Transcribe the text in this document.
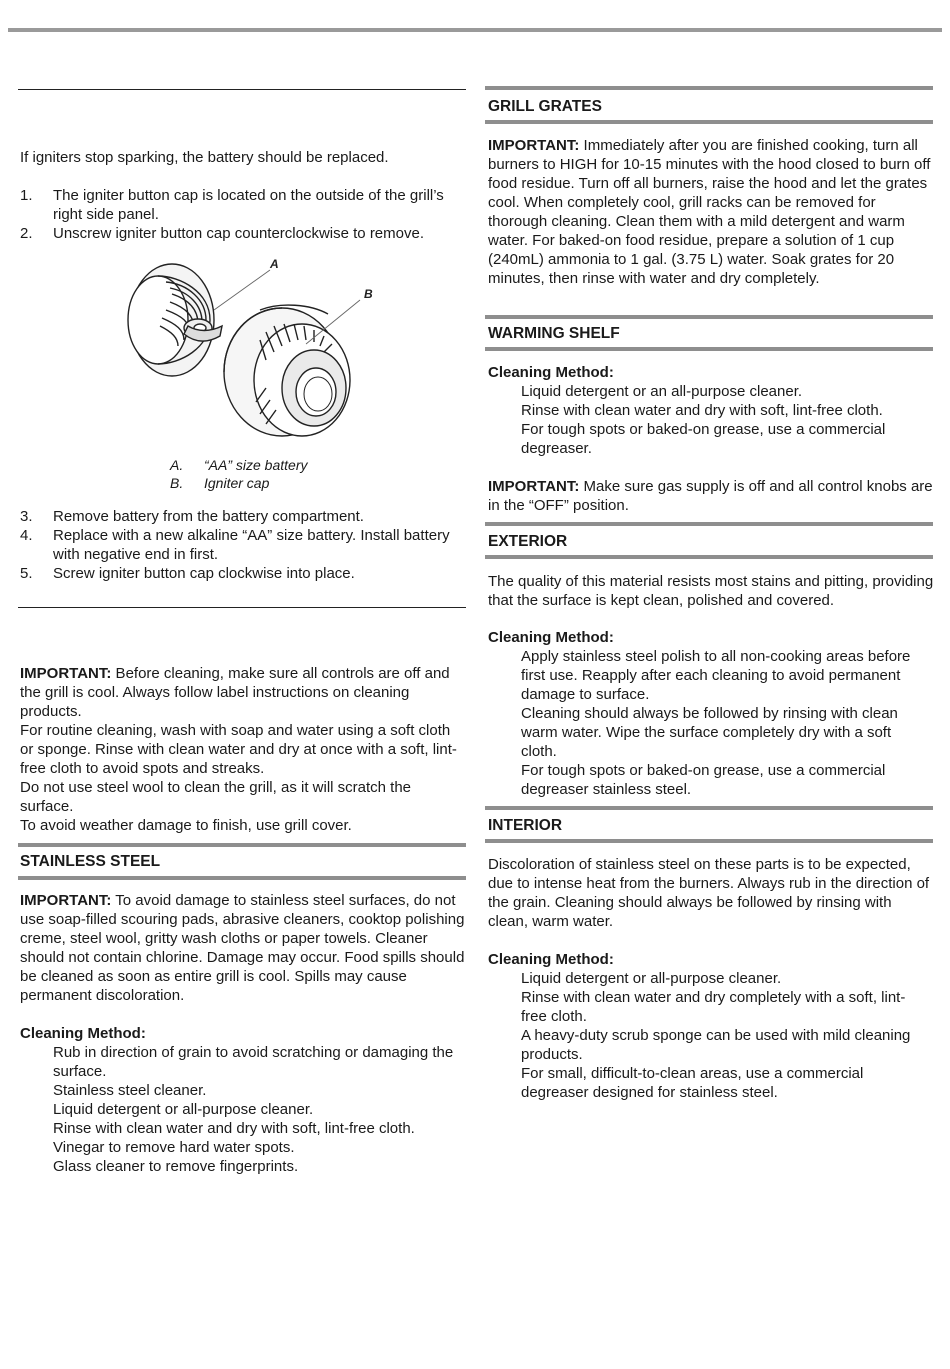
If igniters stop sparking, the battery should be replaced.

1.	The igniter button cap is located on the outside of the grill’s right side panel.
2.	Unscrew igniter button cap counterclockwise to remove.
A
B
A. “AA” size battery
B. Igniter cap
3.	Remove battery from the battery compartment.
4.	Replace with a new alkaline “AA” size battery. Install battery with negative end in first.
5.	Screw igniter button cap clockwise into place.

IMPORTANT: Before cleaning, make sure all controls are off and the grill is cool. Always follow label instructions on cleaning products.

For routine cleaning, wash with soap and water using a soft cloth or sponge. Rinse with clean water and dry at once with a soft, lint-free cloth to avoid spots and streaks.

Do not use steel wool to clean the grill, as it will scratch the surface.

To avoid weather damage to finish, use grill cover.

STAINLESS STEEL

IMPORTANT: To avoid damage to stainless steel surfaces, do not use soap-filled scouring pads, abrasive cleaners, cooktop polishing creme, steel wool, gritty wash cloths or paper towels. Cleaner should not contain chlorine. Damage may occur. Food spills should be cleaned as soon as entire grill is cool. Spills may cause permanent discoloration.

Cleaning Method:
Rub in direction of grain to avoid scratching or damaging the surface.
Stainless steel cleaner.
Liquid detergent or all-purpose cleaner.
Rinse with clean water and dry with soft, lint-free cloth.
Vinegar to remove hard water spots.
Glass cleaner to remove fingerprints.
GRILL GRATES

IMPORTANT: Immediately after you are finished cooking, turn all burners to HIGH for 10-15 minutes with the hood closed to burn off food residue. Turn off all burners, raise the hood and let the grates cool. When completely cool, grill racks can be removed for thorough cleaning. Clean them with a mild detergent and warm water. For baked-on food residue, prepare a solution of 1 cup (240mL) ammonia to 1 gal. (3.75 L) water. Soak grates for 20 minutes, then rinse with water and dry completely.

WARMING SHELF
Cleaning Method:
Liquid detergent or an all-purpose cleaner.
Rinse with clean water and dry with soft, lint-free cloth.
For tough spots or baked-on grease, use a commercial degreaser.

IMPORTANT: Make sure gas supply is off and all control knobs are in the “OFF” position.

EXTERIOR

The quality of this material resists most stains and pitting, providing that the surface is kept clean, polished and covered.

Cleaning Method:
Apply stainless steel polish to all non-cooking areas before first use. Reapply after each cleaning to avoid permanent damage to surface.
Cleaning should always be followed by rinsing with clean warm water. Wipe the surface completely dry with a soft cloth.
For tough spots or baked-on grease, use a commercial degreaser stainless steel.
INTERIOR

Discoloration of stainless steel on these parts is to be expected, due to intense heat from the burners. Always rub in the direction of the grain. Cleaning should always be followed by rinsing with clean, warm water.

Cleaning Method:
Liquid detergent or all-purpose cleaner.
Rinse with clean water and dry completely with a soft, lint-free cloth.
A heavy-duty scrub sponge can be used with mild cleaning products.
For small, difficult-to-clean areas, use a commercial degreaser designed for stainless steel.
